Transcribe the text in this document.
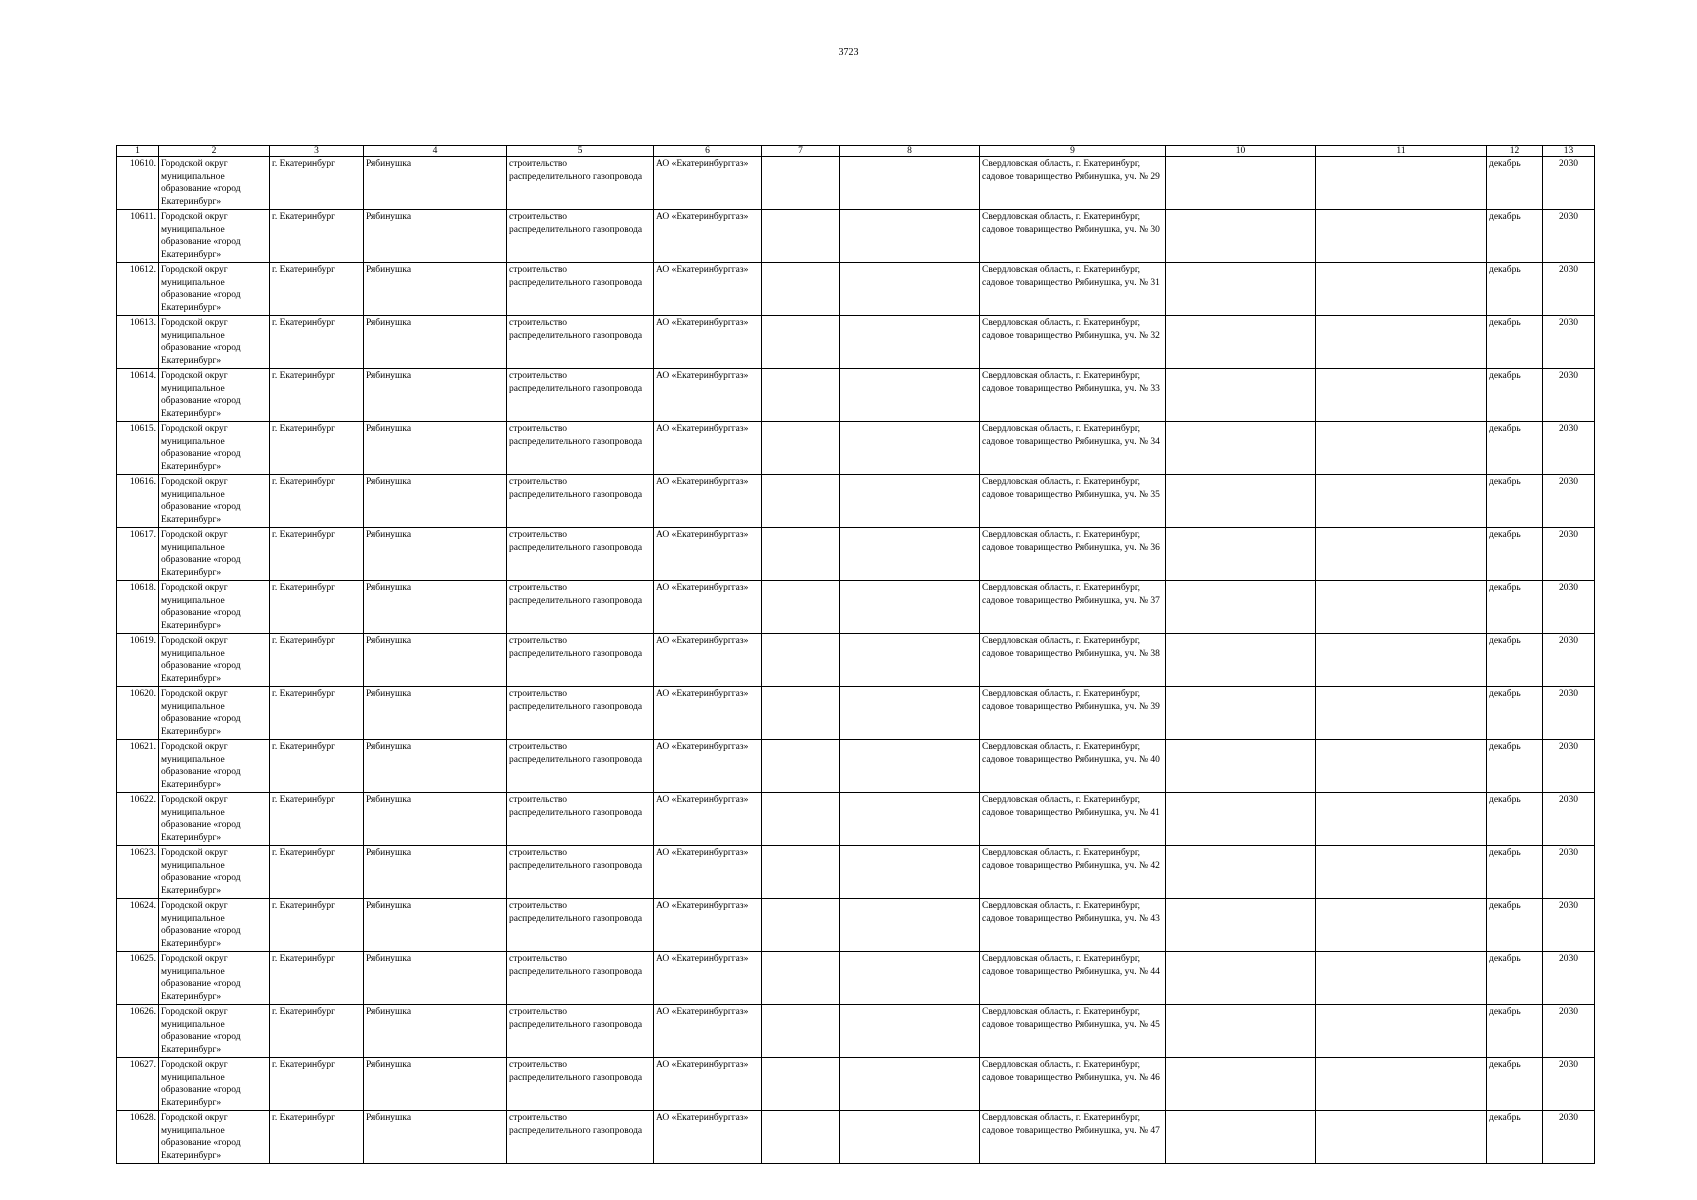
3723
1	2	3	4	5	6	7	8	9	10	11	12	13
10610.	Городской округ муниципальное образование «город Екатеринбург»	г. Екатеринбург	Рябинушка	строительство распределительного газопровода	АО «Екатеринбурггаз»			Свердловская область, г. Екатеринбург, садовое товарищество Рябинушка, уч. № 29			декабрь	2030
10611.	Городской округ муниципальное образование «город Екатеринбург»	г. Екатеринбург	Рябинушка	строительство распределительного газопровода	АО «Екатеринбурггаз»			Свердловская область, г. Екатеринбург, садовое товарищество Рябинушка, уч. № 30			декабрь	2030
10612.	Городской округ муниципальное образование «город Екатеринбург»	г. Екатеринбург	Рябинушка	строительство распределительного газопровода	АО «Екатеринбурггаз»			Свердловская область, г. Екатеринбург, садовое товарищество Рябинушка, уч. № 31			декабрь	2030
10613.	Городской округ муниципальное образование «город Екатеринбург»	г. Екатеринбург	Рябинушка	строительство распределительного газопровода	АО «Екатеринбурггаз»			Свердловская область, г. Екатеринбург, садовое товарищество Рябинушка, уч. № 32			декабрь	2030
10614.	Городской округ муниципальное образование «город Екатеринбург»	г. Екатеринбург	Рябинушка	строительство распределительного газопровода	АО «Екатеринбурггаз»			Свердловская область, г. Екатеринбург, садовое товарищество Рябинушка, уч. № 33			декабрь	2030
10615.	Городской округ муниципальное образование «город Екатеринбург»	г. Екатеринбург	Рябинушка	строительство распределительного газопровода	АО «Екатеринбурггаз»			Свердловская область, г. Екатеринбург, садовое товарищество Рябинушка, уч. № 34			декабрь	2030
10616.	Городской округ муниципальное образование «город Екатеринбург»	г. Екатеринбург	Рябинушка	строительство распределительного газопровода	АО «Екатеринбурггаз»			Свердловская область, г. Екатеринбург, садовое товарищество Рябинушка, уч. № 35			декабрь	2030
10617.	Городской округ муниципальное образование «город Екатеринбург»	г. Екатеринбург	Рябинушка	строительство распределительного газопровода	АО «Екатеринбурггаз»			Свердловская область, г. Екатеринбург, садовое товарищество Рябинушка, уч. № 36			декабрь	2030
10618.	Городской округ муниципальное образование «город Екатеринбург»	г. Екатеринбург	Рябинушка	строительство распределительного газопровода	АО «Екатеринбурггаз»			Свердловская область, г. Екатеринбург, садовое товарищество Рябинушка, уч. № 37			декабрь	2030
10619.	Городской округ муниципальное образование «город Екатеринбург»	г. Екатеринбург	Рябинушка	строительство распределительного газопровода	АО «Екатеринбурггаз»			Свердловская область, г. Екатеринбург, садовое товарищество Рябинушка, уч. № 38			декабрь	2030
10620.	Городской округ муниципальное образование «город Екатеринбург»	г. Екатеринбург	Рябинушка	строительство распределительного газопровода	АО «Екатеринбурггаз»			Свердловская область, г. Екатеринбург, садовое товарищество Рябинушка, уч. № 39			декабрь	2030
10621.	Городской округ муниципальное образование «город Екатеринбург»	г. Екатеринбург	Рябинушка	строительство распределительного газопровода	АО «Екатеринбурггаз»			Свердловская область, г. Екатеринбург, садовое товарищество Рябинушка, уч. № 40			декабрь	2030
10622.	Городской округ муниципальное образование «город Екатеринбург»	г. Екатеринбург	Рябинушка	строительство распределительного газопровода	АО «Екатеринбурггаз»			Свердловская область, г. Екатеринбург, садовое товарищество Рябинушка, уч. № 41			декабрь	2030
10623.	Городской округ муниципальное образование «город Екатеринбург»	г. Екатеринбург	Рябинушка	строительство распределительного газопровода	АО «Екатеринбурггаз»			Свердловская область, г. Екатеринбург, садовое товарищество Рябинушка, уч. № 42			декабрь	2030
10624.	Городской округ муниципальное образование «город Екатеринбург»	г. Екатеринбург	Рябинушка	строительство распределительного газопровода	АО «Екатеринбурггаз»			Свердловская область, г. Екатеринбург, садовое товарищество Рябинушка, уч. № 43			декабрь	2030
10625.	Городской округ муниципальное образование «город Екатеринбург»	г. Екатеринбург	Рябинушка	строительство распределительного газопровода	АО «Екатеринбурггаз»			Свердловская область, г. Екатеринбург, садовое товарищество Рябинушка, уч. № 44			декабрь	2030
10626.	Городской округ муниципальное образование «город Екатеринбург»	г. Екатеринбург	Рябинушка	строительство распределительного газопровода	АО «Екатеринбурггаз»			Свердловская область, г. Екатеринбург, садовое товарищество Рябинушка, уч. № 45			декабрь	2030
10627.	Городской округ муниципальное образование «город Екатеринбург»	г. Екатеринбург	Рябинушка	строительство распределительного газопровода	АО «Екатеринбурггаз»			Свердловская область, г. Екатеринбург, садовое товарищество Рябинушка, уч. № 46			декабрь	2030
10628.	Городской округ муниципальное образование «город Екатеринбург»	г. Екатеринбург	Рябинушка	строительство распределительного газопровода	АО «Екатеринбурггаз»			Свердловская область, г. Екатеринбург, садовое товарищество Рябинушка, уч. № 47			декабрь	2030
